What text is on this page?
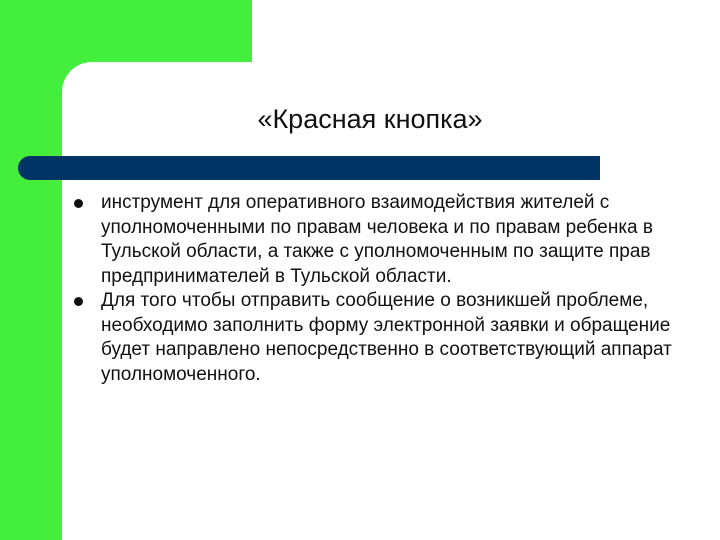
«Красная кнопка»
инструмент для оперативного взаимодействия жителей с уполномоченными по правам человека и по правам ребенка в Тульской области, а также с уполномоченным по защите прав предпринимателей в Тульской области.
Для того чтобы отправить сообщение о возникшей проблеме, необходимо заполнить форму электронной заявки и обращение будет направлено непосредственно в соответствующий аппарат уполномоченного.
